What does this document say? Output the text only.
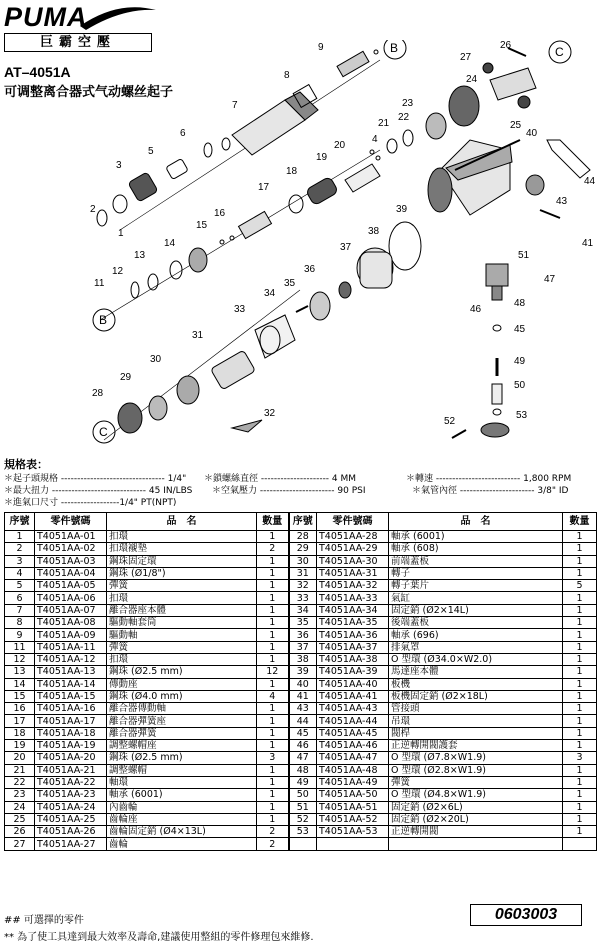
PUMA
巨霸空壓
AT–4051A
可调整离合器式气动螺丝起子
1
2
3
4
5
6
7
8
9
11
12
13
14
15
16
17
18
19
20
21
22
23
24
25
26
27
28
29
30
31
32
33
34
35
36
37
38
39
40
41
43
44
45
46
47
48
49
50
51
52
53
B
B
C
C
規格表：
＊起子頭規格 -------------------------------- 1/4" ＊鎖螺絲直徑 --------------------- 4 MM	＊轉速 -------------------------- 1,800 RPM
＊最大扭力 ----------------------------- 45 IN/LBS ＊空氣壓力 ----------------------- 90 PSI	＊氣管內徑 ----------------------- 3/8" ID
＊進氣口尺寸 ------------------1/4" PT(NPT)
序號	零件號碼	品　名	數量	序號	零件號碼	品　名	數量
1	T4051AA-01	扣環	1	28	T4051AA-28	軸承 (6001)	1
2	T4051AA-02	扣環襯墊	2	29	T4051AA-29	軸承 (608)	1
3	T4051AA-03	鋼珠固定環	1	30	T4051AA-30	前端蓋板	1
4	T4051AA-04	鋼珠 (Ø1/8")	1	31	T4051AA-31	轉子	1
5	T4051AA-05	彈簧	1	32	T4051AA-32	轉子葉片	5
6	T4051AA-06	扣環	1	33	T4051AA-33	氣缸	1
7	T4051AA-07	離合器座本體	1	34	T4051AA-34	固定銷 (Ø2×14L)	1
8	T4051AA-08	驅動軸套筒	1	35	T4051AA-35	後端蓋板	1
9	T4051AA-09	驅動軸	1	36	T4051AA-36	軸承 (696)	1
11	T4051AA-11	彈簧	1	37	T4051AA-37	排氣罩	1
12	T4051AA-12	扣環	1	38	T4051AA-38	O 型環 (Ø34.0×W2.0)	1
13	T4051AA-13	鋼珠 (Ø2.5 mm)	12	39	T4051AA-39	馬達座本體	1
14	T4051AA-14	傳動座	1	40	T4051AA-40	板機	1
15	T4051AA-15	鋼珠 (Ø4.0 mm)	4	41	T4051AA-41	板機固定銷 (Ø2×18L)	1
16	T4051AA-16	離合器傳動軸	1	43	T4051AA-43	管接頭	1
17	T4051AA-17	離合器彈簧座	1	44	T4051AA-44	吊環	1
18	T4051AA-18	離合器彈簧	1	45	T4051AA-45	閥桿	1
19	T4051AA-19	調整螺帽座	1	46	T4051AA-46	正逆轉開閥護套	1
20	T4051AA-20	鋼珠 (Ø2.5 mm)	3	47	T4051AA-47	O 型環 (Ø7.8×W1.9)	3
21	T4051AA-21	調整螺帽	1	48	T4051AA-48	O 型環 (Ø2.8×W1.9)	1
22	T4051AA-22	軸環	1	49	T4051AA-49	彈簧	1
23	T4051AA-23	軸承 (6001)	1	50	T4051AA-50	O 型環 (Ø4.8×W1.9)	1
24	T4051AA-24	內齒輪	1	51	T4051AA-51	固定銷 (Ø2×6L)	1
25	T4051AA-25	齒輪座	1	52	T4051AA-52	固定銷 (Ø2×20L)	1
26	T4051AA-26	齒輪固定銷 (Ø4×13L)	2	53	T4051AA-53	正逆轉開閥	1
27	T4051AA-27	齒輪	2				
## 可選擇的零件
** 為了使工具達到最大效率及壽命,建議使用整組的零件修理包來維修.
0603003
